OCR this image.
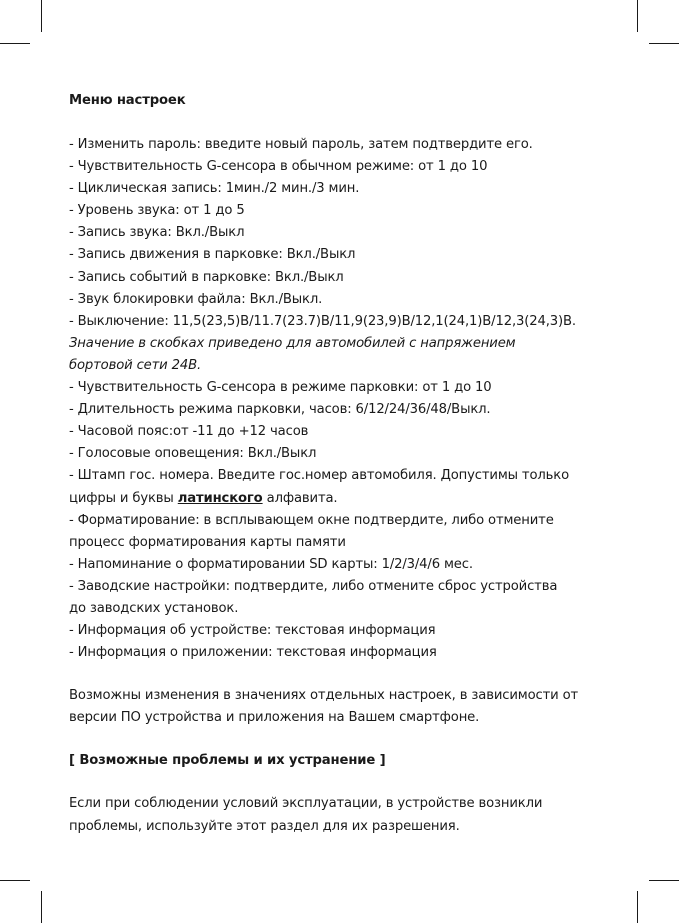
Меню настроек
- Изменить пароль: введите новый пароль, затем подтвердите его.
- Чувствительность G-сенсора в обычном режиме: от 1 до 10
- Циклическая запись: 1мин./2 мин./3 мин.
- Уровень звука: от 1 до 5
- Запись звука: Вкл./Выкл
- Запись движения в парковке: Вкл./Выкл
- Запись событий в парковке: Вкл./Выкл
- Звук блокировки файла: Вкл./Выкл.
- Выключение: 11,5(23,5)В/11.7(23.7)В/11,9(23,9)В/12,1(24,1)В/12,3(24,3)В.
Значение в скобках приведено для автомобилей с напряжением
бортовой сети 24В.
- Чувствительность G-сенсора в режиме парковки: от 1 до 10
- Длительность режима парковки, часов: 6/12/24/36/48/Выкл.
- Часовой пояс:от -11 до +12 часов
- Голосовые оповещения: Вкл./Выкл
- Штамп гос. номера. Введите гос.номер автомобиля. Допустимы только
цифры и буквы латинского алфавита.
- Форматирование: в всплывающем окне подтвердите, либо отмените
процесс форматирования карты памяти
- Напоминание о форматировании SD карты: 1/2/3/4/6 мес.
- Заводские настройки: подтвердите, либо отмените сброс устройства
до заводских установок.
- Информация об устройстве: текстовая информация
- Информация о приложении: текстовая информация
Возможны изменения в значениях отдельных настроек, в зависимости от
версии ПО устройства и приложения на Вашем смартфоне.
[ Возможные проблемы и их устранение ]
Если при соблюдении условий эксплуатации, в устройстве возникли
проблемы, используйте этот раздел для их разрешения.
